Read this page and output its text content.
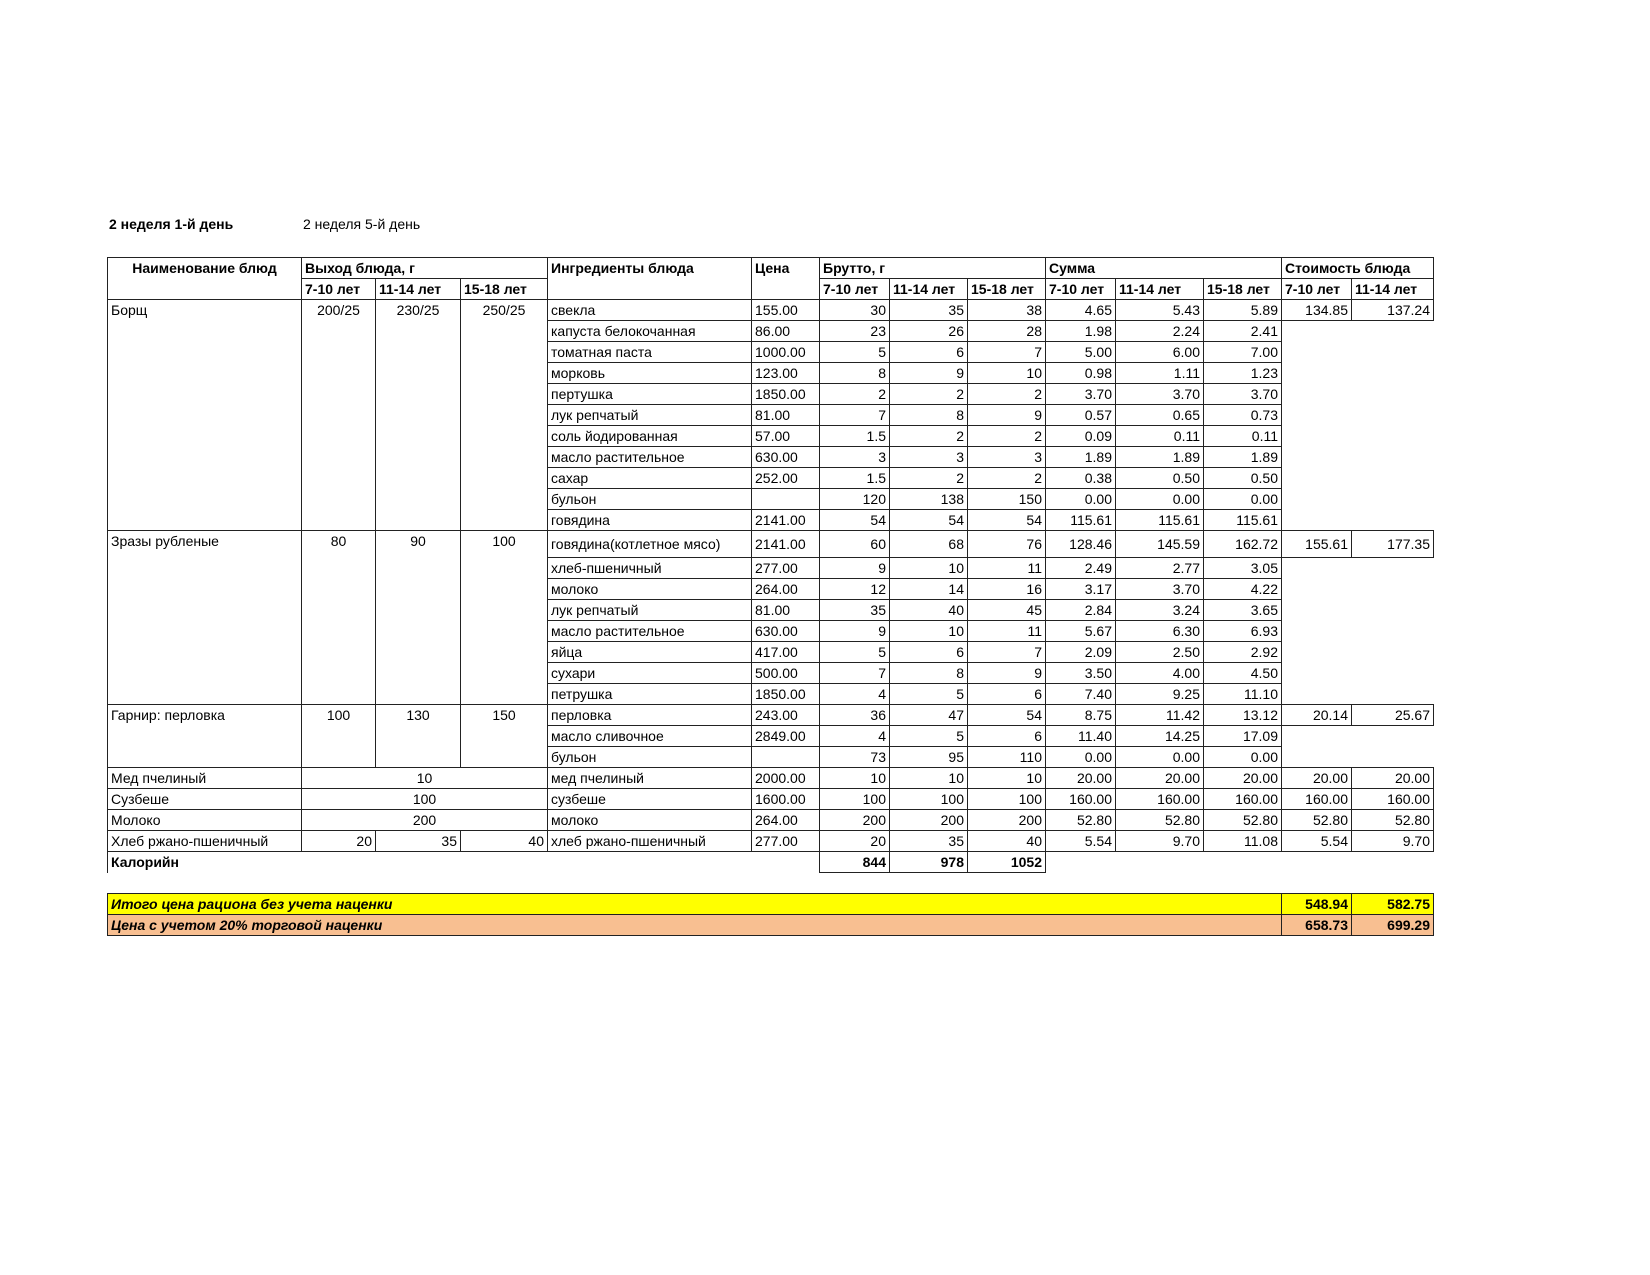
2 неделя 1-й день	2 неделя 5-й день
Наименование блюд	Выход блюда, г			Ингредиенты блюда	Цена	Брутто, г			Сумма			Стоимость блюда	
	7-10 лет	11-14 лет	15-18 лет			7-10 лет	11-14 лет	15-18 лет	7-10 лет	11-14 лет	15-18 лет	7-10 лет	11-14 лет
Борщ	200/25	230/25	250/25	свекла	155.00	30	35	38	4.65	5.43	5.89	134.85	137.24
				капуста белокочанная	86.00	23	26	28	1.98	2.24	2.41		
				томатная паста	1000.00	5	6	7	5.00	6.00	7.00		
				морковь	123.00	8	9	10	0.98	1.11	1.23		
				пертушка	1850.00	2	2	2	3.70	3.70	3.70		
				лук репчатый	81.00	7	8	9	0.57	0.65	0.73		
				соль йодированная	57.00	1.5	2	2	0.09	0.11	0.11		
				масло растительное	630.00	3	3	3	1.89	1.89	1.89		
				сахар	252.00	1.5	2	2	0.38	0.50	0.50		
				бульон		120	138	150	0.00	0.00	0.00		
				говядина	2141.00	54	54	54	115.61	115.61	115.61		
Зразы рубленые	80	90	100	говядина(котлетное мясо)	2141.00	60	68	76	128.46	145.59	162.72	155.61	177.35
				хлеб-пшеничный	277.00	9	10	11	2.49	2.77	3.05		
				молоко	264.00	12	14	16	3.17	3.70	4.22		
				лук репчатый	81.00	35	40	45	2.84	3.24	3.65		
				масло растительное	630.00	9	10	11	5.67	6.30	6.93		
				яйца	417.00	5	6	7	2.09	2.50	2.92		
				сухари	500.00	7	8	9	3.50	4.00	4.50		
				петрушка	1850.00	4	5	6	7.40	9.25	11.10		
Гарнир: перловка	100	130	150	перловка	243.00	36	47	54	8.75	11.42	13.12	20.14	25.67
				масло сливочное	2849.00	4	5	6	11.40	14.25	17.09		
				бульон		73	95	110	0.00	0.00	0.00		
Мед пчелиный	10			мед пчелиный	2000.00	10	10	10	20.00	20.00	20.00	20.00	20.00
Сузбеше	100			сузбеше	1600.00	100	100	100	160.00	160.00	160.00	160.00	160.00
Молоко	200			молоко	264.00	200	200	200	52.80	52.80	52.80	52.80	52.80
Хлеб ржано-пшеничный	20	35	40	хлеб ржано-пшеничный	277.00	20	35	40	5.54	9.70	11.08	5.54	9.70
Калорийн						844	978	1052					

Итого цена рациона без учета наценки												548.94	582.75
Цена с учетом 20% торговой наценки												658.73	699.29
